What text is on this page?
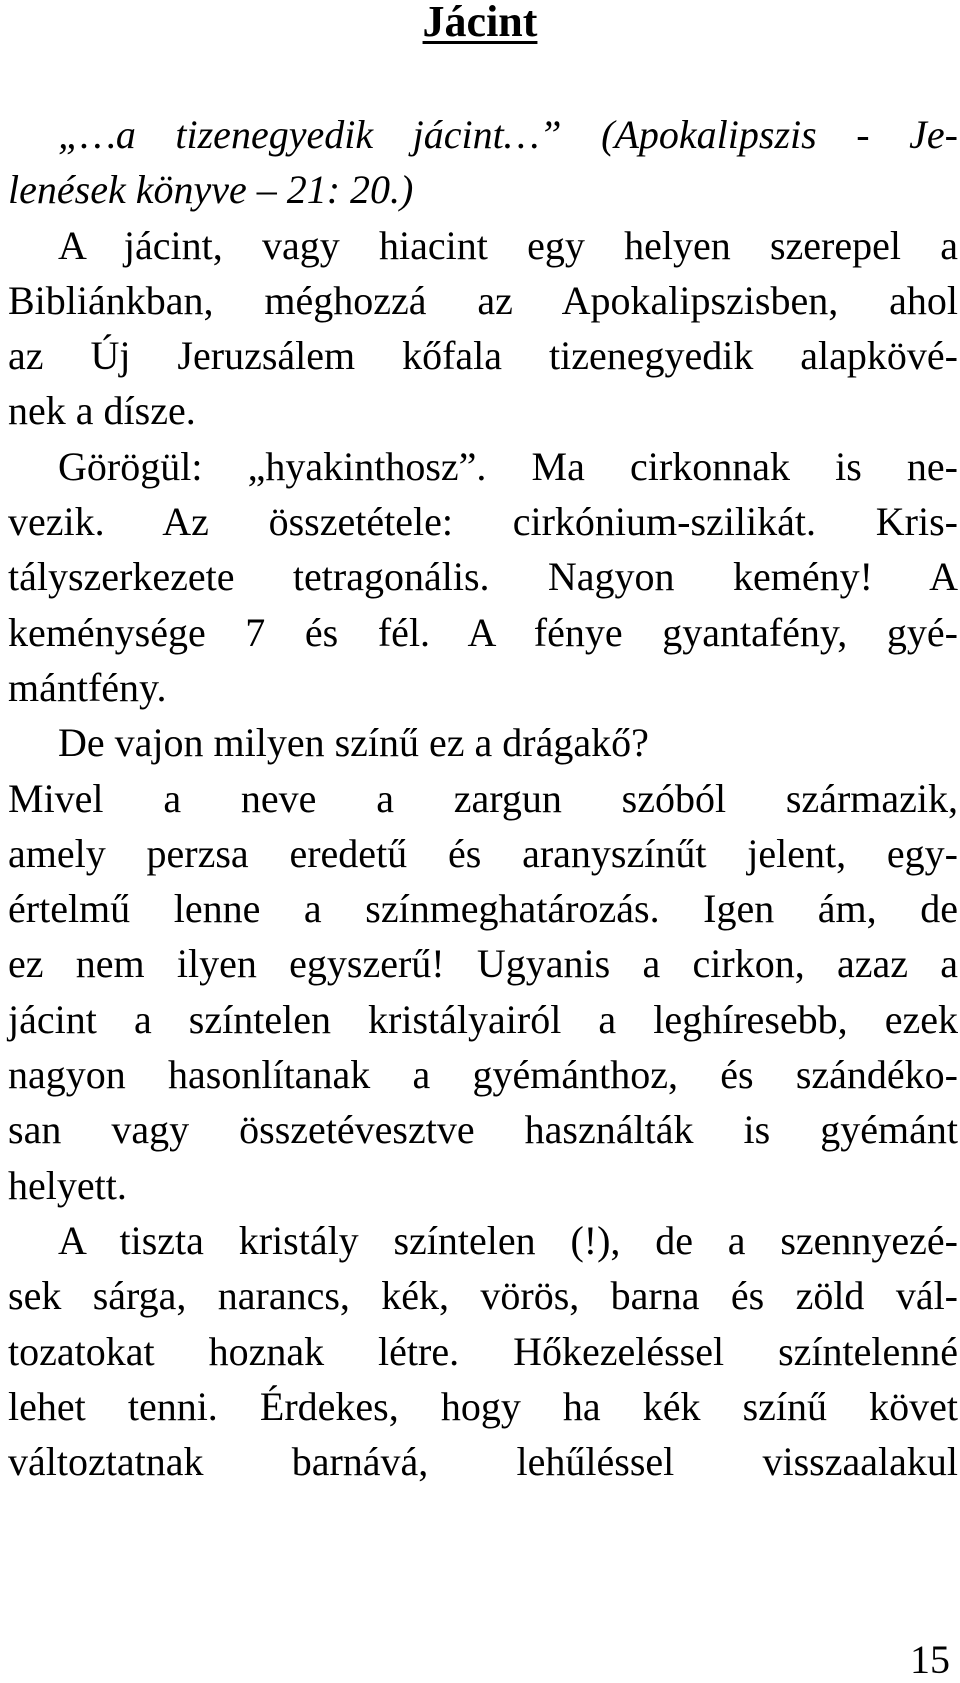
Jácint
„…a tizenegyedik jácint…” (Apokalipszis - Je-
lenések könyve – 21: 20.)
A jácint, vagy hiacint egy helyen szerepel a
Bibliánkban, méghozzá az Apokalipszisben, ahol
az Új Jeruzsálem kőfala tizenegyedik alapkövé-
nek a dísze.
Görögül: „hyakinthosz”. Ma cirkonnak is ne-
vezik. Az összetétele: cirkónium-szilikát. Kris-
tályszerkezete tetragonális. Nagyon kemény! A
keménysége 7 és fél. A fénye gyantafény, gyé-
mántfény.
De vajon milyen színű ez a drágakő?
Mivel a neve a zargun szóból származik,
amely perzsa eredetű és aranyszínűt jelent, egy-
értelmű lenne a színmeghatározás. Igen ám, de
ez nem ilyen egyszerű! Ugyanis a cirkon, azaz a
jácint a színtelen kristályairól a leghíresebb, ezek
nagyon hasonlítanak a gyémánthoz, és szándéko-
san vagy összetévesztve használták is gyémánt
helyett.
A tiszta kristály színtelen (!), de a szennyezé-
sek sárga, narancs, kék, vörös, barna és zöld vál-
tozatokat hoznak létre. Hőkezeléssel színtelenné
lehet tenni. Érdekes, hogy ha kék színű követ
változtatnak barnává, lehűléssel visszaalakul
15
